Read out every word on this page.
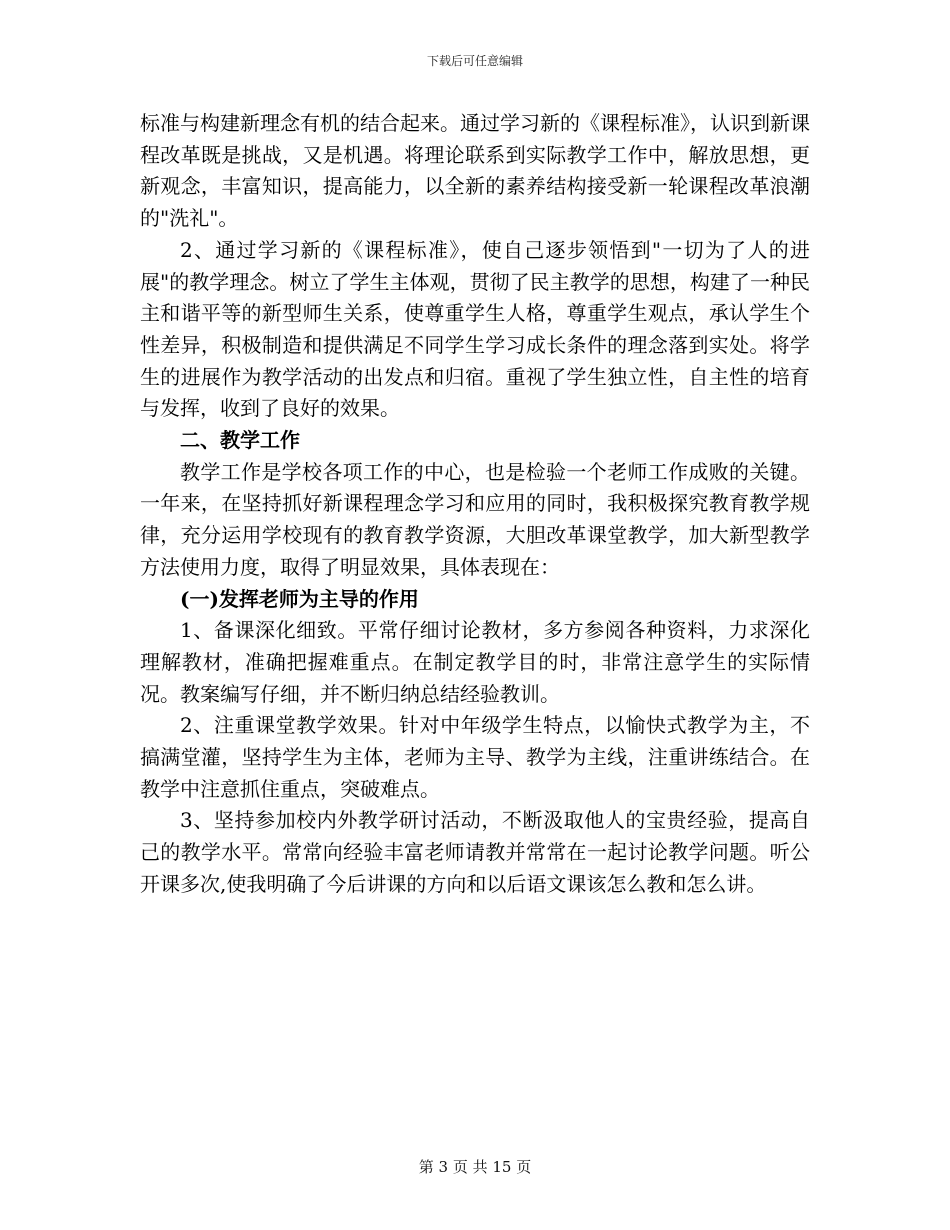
下载后可任意编辑

标准与构建新理念有机的结合起来。通过学习新的《课程标准》，认识到新课程改革既是挑战，又是机遇。将理论联系到实际教学工作中，解放思想，更新观念，丰富知识，提高能力，以全新的素养结构接受新一轮课程改革浪潮的"洗礼"。

2、通过学习新的《课程标准》，使自己逐步领悟到"一切为了人的进展"的教学理念。树立了学生主体观，贯彻了民主教学的思想，构建了一种民主和谐平等的新型师生关系，使尊重学生人格，尊重学生观点，承认学生个性差异，积极制造和提供满足不同学生学习成长条件的理念落到实处。将学生的进展作为教学活动的出发点和归宿。重视了学生独立性，自主性的培育与发挥，收到了良好的效果。

二、教学工作

教学工作是学校各项工作的中心，也是检验一个老师工作成败的关键。一年来，在坚持抓好新课程理念学习和应用的同时，我积极探究教育教学规律，充分运用学校现有的教育教学资源，大胆改革课堂教学，加大新型教学方法使用力度，取得了明显效果，具体表现在：

(一)发挥老师为主导的作用

1、备课深化细致。平常仔细讨论教材，多方参阅各种资料，力求深化理解教材，准确把握难重点。在制定教学目的时，非常注意学生的实际情况。教案编写仔细，并不断归纳总结经验教训。

2、注重课堂教学效果。针对中年级学生特点，以愉快式教学为主，不搞满堂灌，坚持学生为主体，老师为主导、教学为主线，注重讲练结合。在教学中注意抓住重点，突破难点。

3、坚持参加校内外教学研讨活动，不断汲取他人的宝贵经验，提高自己的教学水平。常常向经验丰富老师请教并常常在一起讨论教学问题。听公开课多次,使我明确了今后讲课的方向和以后语文课该怎么教和怎么讲。

第 3 页 共 15 页
